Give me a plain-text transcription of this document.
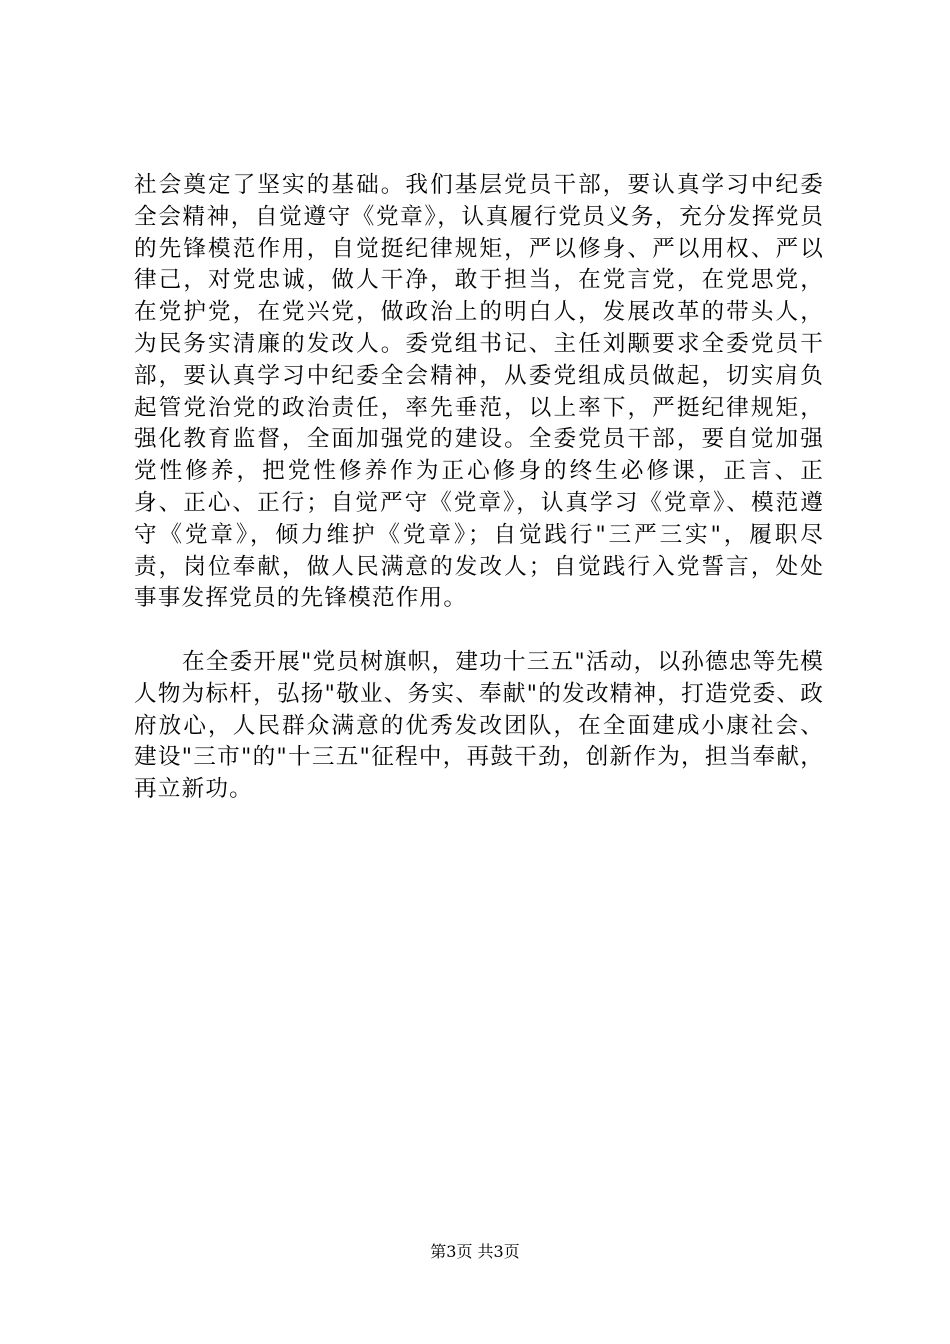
社会奠定了坚实的基础。我们基层党员干部，要认真学习中纪委全会精神，自觉遵守《党章》，认真履行党员义务，充分发挥党员的先锋模范作用，自觉挺纪律规矩，严以修身、严以用权、严以律己，对党忠诚，做人干净，敢于担当，在党言党，在党思党，在党护党，在党兴党，做政治上的明白人，发展改革的带头人，为民务实清廉的发改人。委党组书记、主任刘颙要求全委党员干部，要认真学习中纪委全会精神，从委党组成员做起，切实肩负起管党治党的政治责任，率先垂范，以上率下，严挺纪律规矩，强化教育监督，全面加强党的建设。全委党员干部，要自觉加强党性修养，把党性修养作为正心修身的终生必修课，正言、正身、正心、正行；自觉严守《党章》，认真学习《党章》、模范遵守《党章》，倾力维护《党章》；自觉践行"三严三实"，履职尽责，岗位奉献，做人民满意的发改人；自觉践行入党誓言，处处事事发挥党员的先锋模范作用。

在全委开展"党员树旗帜，建功十三五"活动，以孙德忠等先模人物为标杆，弘扬"敬业、务实、奉献"的发改精神，打造党委、政府放心，人民群众满意的优秀发改团队，在全面建成小康社会、建设"三市"的"十三五"征程中，再鼓干劲，创新作为，担当奉献，再立新功。

第3页 共3页
